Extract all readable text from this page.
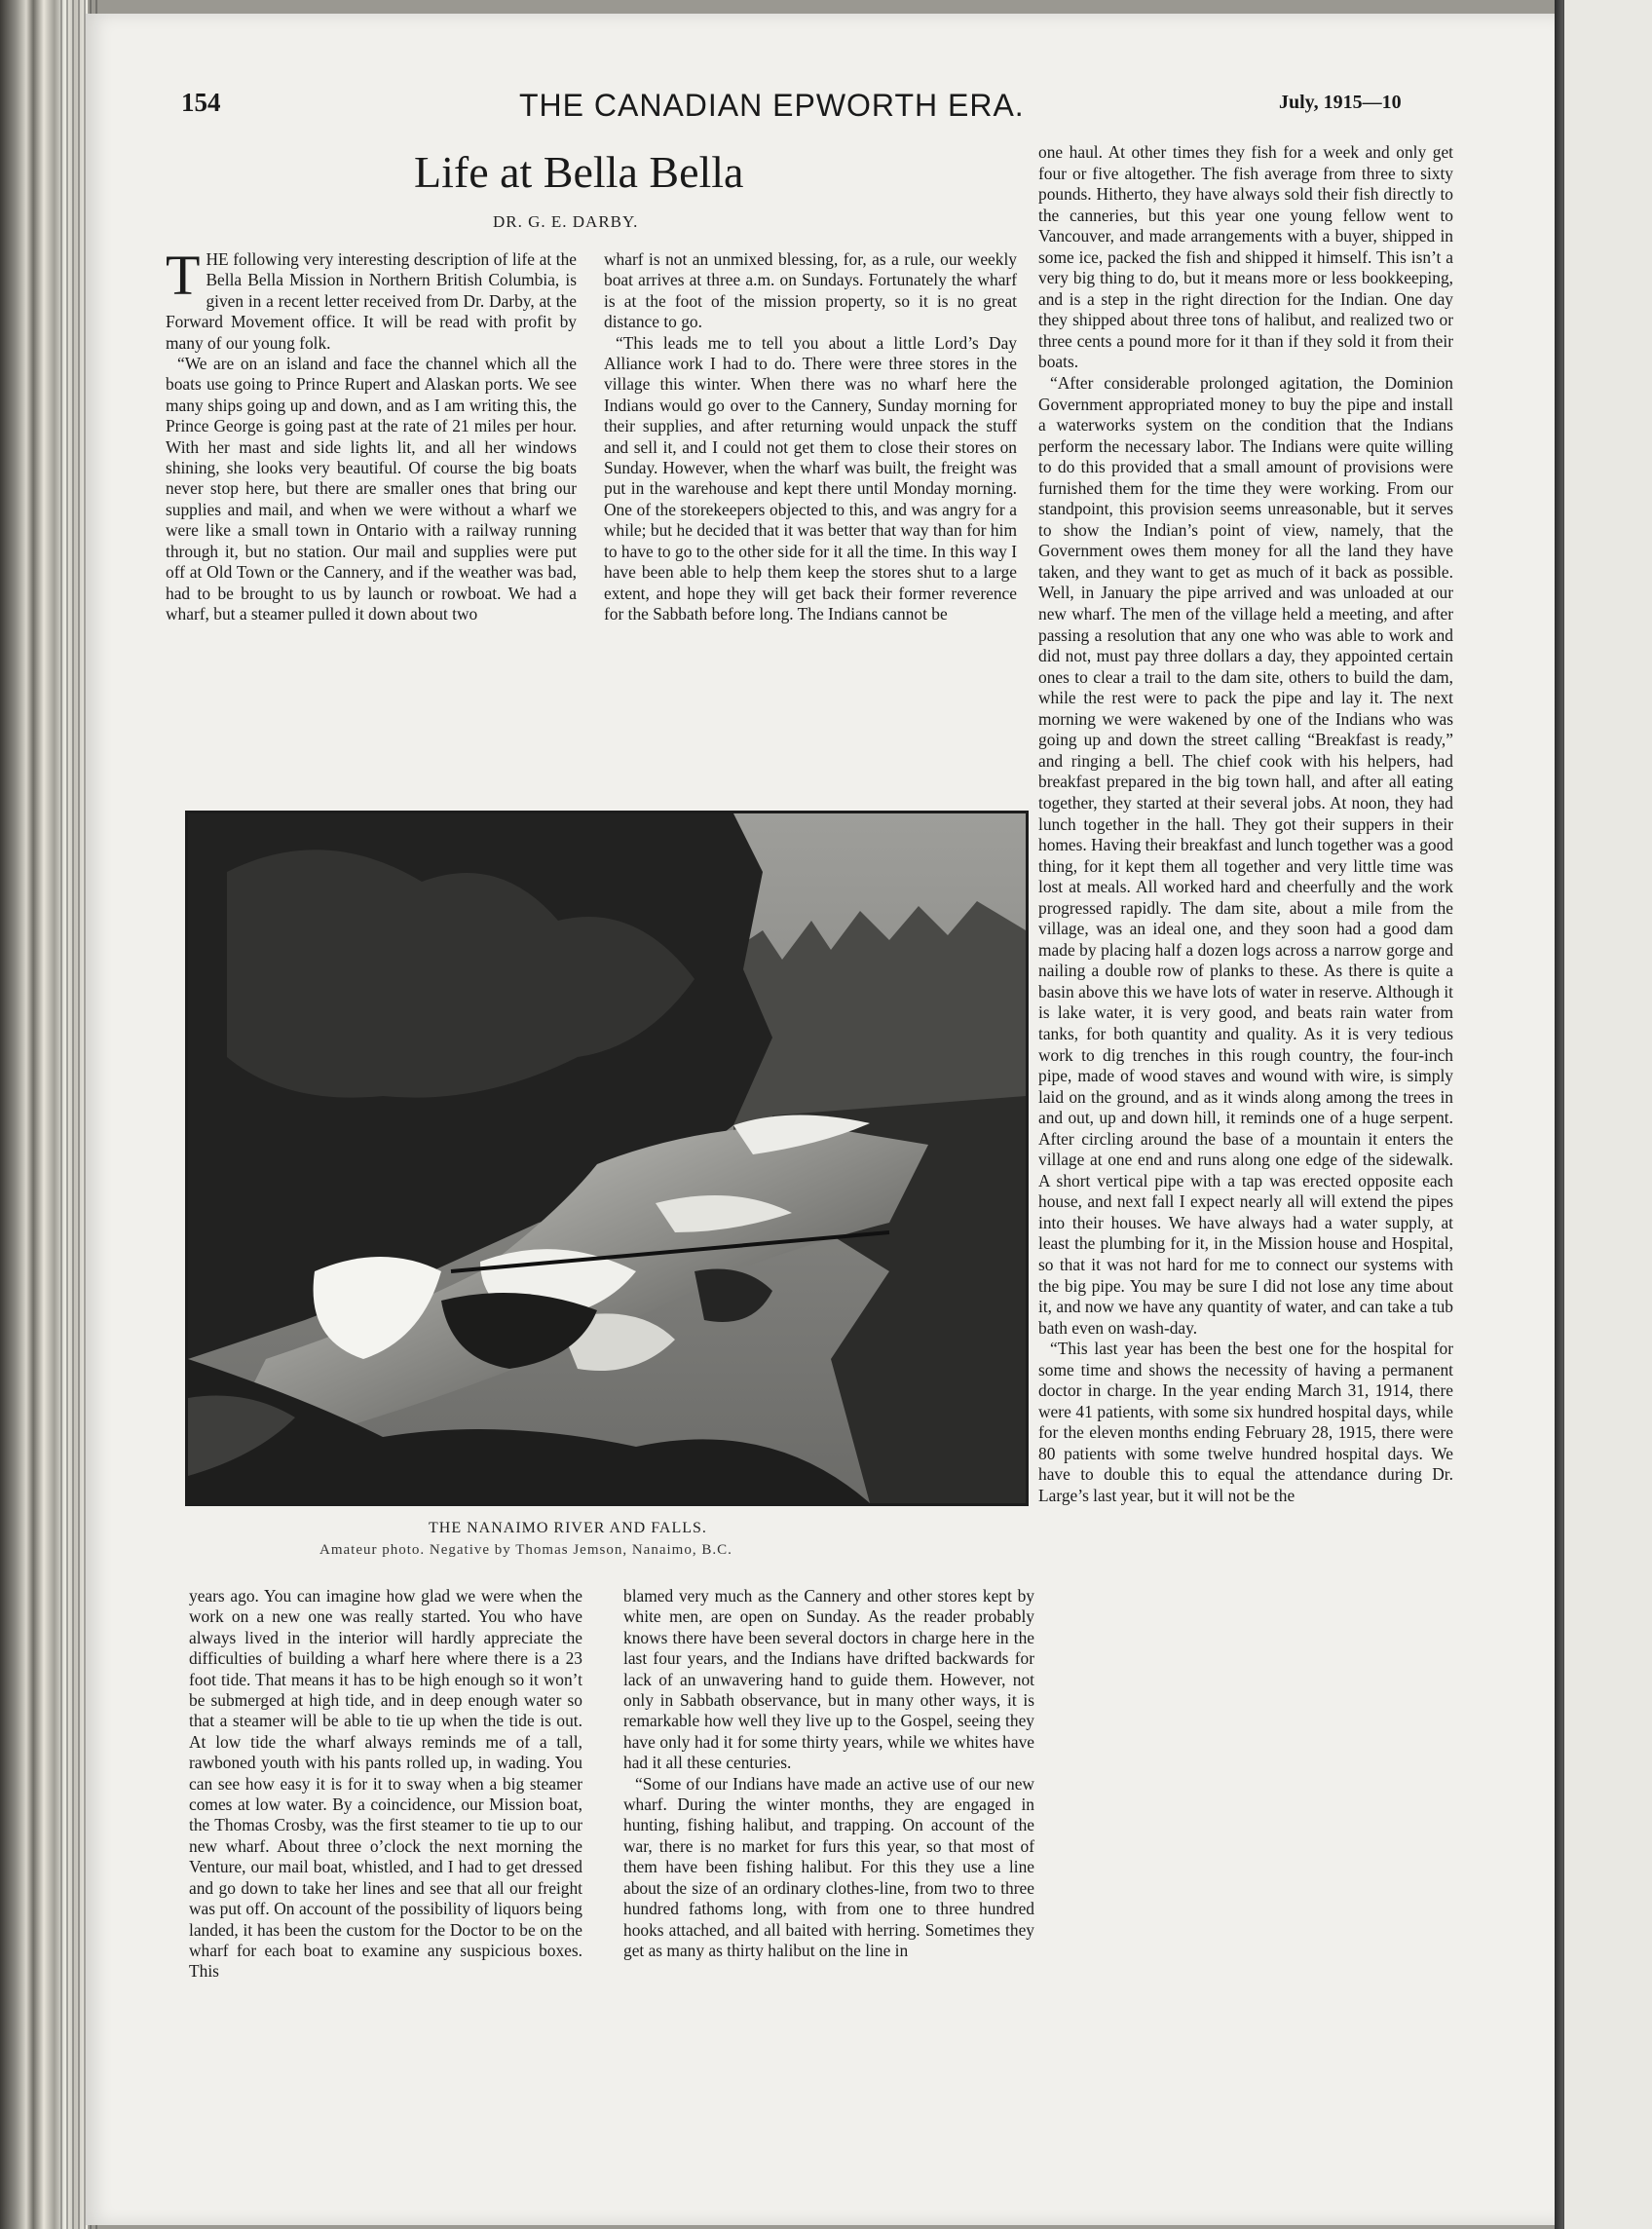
154	THE CANADIAN EPWORTH ERA.	July, 1915—10
Life at Bella Bella
DR. G. E. DARBY.
T HE following very interesting description of life at the Bella Bella Mission in Northern British Columbia, is given in a recent letter received from Dr. Darby, at the Forward Movement office. It will be read with profit by many of our young folk.

“We are on an island and face the channel which all the boats use going to Prince Rupert and Alaskan ports. We see many ships going up and down, and as I am writing this, the Prince George is going past at the rate of 21 miles per hour. With her mast and side lights lit, and all her windows shining, she looks very beautiful. Of course the big boats never stop here, but there are smaller ones that bring our supplies and mail, and when we were without a wharf we were like a small town in Ontario with a railway running through it, but no station. Our mail and supplies were put off at Old Town or the Cannery, and if the weather was bad, had to be brought to us by launch or rowboat. We had a wharf, but a steamer pulled it down about two

wharf is not an unmixed blessing, for, as a rule, our weekly boat arrives at three a.m. on Sundays. Fortunately the wharf is at the foot of the mission property, so it is no great distance to go.

“This leads me to tell you about a little Lord’s Day Alliance work I had to do. There were three stores in the village this winter. When there was no wharf here the Indians would go over to the Cannery, Sunday morning for their supplies, and after returning would unpack the stuff and sell it, and I could not get them to close their stores on Sunday. However, when the wharf was built, the freight was put in the warehouse and kept there until Monday morning. One of the storekeepers objected to this, and was angry for a while; but he decided that it was better that way than for him to have to go to the other side for it all the time. In this way I have been able to help them keep the stores shut to a large extent, and hope they will get back their former reverence for the Sabbath before long. The Indians cannot be

one haul. At other times they fish for a week and only get four or five altogether. The fish average from three to sixty pounds. Hitherto, they have always sold their fish directly to the canneries, but this year one young fellow went to Vancouver, and made arrangements with a buyer, shipped in some ice, packed the fish and shipped it himself. This isn’t a very big thing to do, but it means more or less bookkeeping, and is a step in the right direction for the Indian. One day they shipped about three tons of halibut, and realized two or three cents a pound more for it than if they sold it from their boats.

“After considerable prolonged agitation, the Dominion Government appropriated money to buy the pipe and install a waterworks system on the condition that the Indians perform the necessary labor. The Indians were quite willing to do this provided that a small amount of provisions were furnished them for the time they were working. From our standpoint, this provision seems unreasonable, but it serves to show the Indian’s point of view, namely, that the Government owes them money for all the land they have taken, and they want to get as much of it back as possible. Well, in January the pipe arrived and was unloaded at our new wharf. The men of the village held a meeting, and after passing a resolution that any one who was able to work and did not, must pay three dollars a day, they appointed certain ones to clear a trail to the dam site, others to build the dam, while the rest were to pack the pipe and lay it. The next morning we were wakened by one of the Indians who was going up and down the street calling “Breakfast is ready,” and ringing a bell. The chief cook with his helpers, had breakfast prepared in the big town hall, and after all eating together, they started at their several jobs. At noon, they had lunch together in the hall. They got their suppers in their homes. Having their breakfast and lunch together was a good thing, for it kept them all together and very little time was lost at meals. All worked hard and cheerfully and the work progressed rapidly. The dam site, about a mile from the village, was an ideal one, and they soon had a good dam made by placing half a dozen logs across a narrow gorge and nailing a double row of planks to these. As there is quite a basin above this we have lots of water in reserve. Although it is lake water, it is very good, and beats rain water from tanks, for both quantity and quality. As it is very tedious work to dig trenches in this rough country, the four-inch pipe, made of wood staves and wound with wire, is simply laid on the ground, and as it winds along among the trees in and out, up and down hill, it reminds one of a huge serpent. After circling around the base of a mountain it enters the village at one end and runs along one edge of the sidewalk. A short vertical pipe with a tap was erected opposite each house, and next fall I expect nearly all will extend the pipes into their houses. We have always had a water supply, at least the plumbing for it, in the Mission house and Hospital, so that it was not hard for me to connect our systems with the big pipe. You may be sure I did not lose any time about it, and now we have any quantity of water, and can take a tub bath even on wash-day.

“This last year has been the best one for the hospital for some time and shows the necessity of having a permanent doctor in charge. In the year ending March 31, 1914, there were 41 patients, with some six hundred hospital days, while for the eleven months ending February 28, 1915, there were 80 patients with some twelve hundred hospital days. We have to double this to equal the attendance during Dr. Large’s last year, but it will not be the

THE NANAIMO RIVER AND FALLS.
Amateur photo. Negative by Thomas Jemson, Nanaimo, B.C.

years ago. You can imagine how glad we were when the work on a new one was really started. You who have always lived in the interior will hardly appreciate the difficulties of building a wharf here where there is a 23 foot tide. That means it has to be high enough so it won’t be submerged at high tide, and in deep enough water so that a steamer will be able to tie up when the tide is out. At low tide the wharf always reminds me of a tall, rawboned youth with his pants rolled up, in wading. You can see how easy it is for it to sway when a big steamer comes at low water. By a coincidence, our Mission boat, the Thomas Crosby, was the first steamer to tie up to our new wharf. About three o’clock the next morning the Venture, our mail boat, whistled, and I had to get dressed and go down to take her lines and see that all our freight was put off. On account of the possibility of liquors being landed, it has been the custom for the Doctor to be on the wharf for each boat to examine any suspicious boxes. This

blamed very much as the Cannery and other stores kept by white men, are open on Sunday. As the reader probably knows there have been several doctors in charge here in the last four years, and the Indians have drifted backwards for lack of an unwavering hand to guide them. However, not only in Sabbath observance, but in many other ways, it is remarkable how well they live up to the Gospel, seeing they have only had it for some thirty years, while we whites have had it all these centuries.

“Some of our Indians have made an active use of our new wharf. During the winter months, they are engaged in hunting, fishing halibut, and trapping. On account of the war, there is no market for furs this year, so that most of them have been fishing halibut. For this they use a line about the size of an ordinary clothes-line, from two to three hundred fathoms long, with from one to three hundred hooks attached, and all baited with herring. Sometimes they get as many as thirty halibut on the line in
